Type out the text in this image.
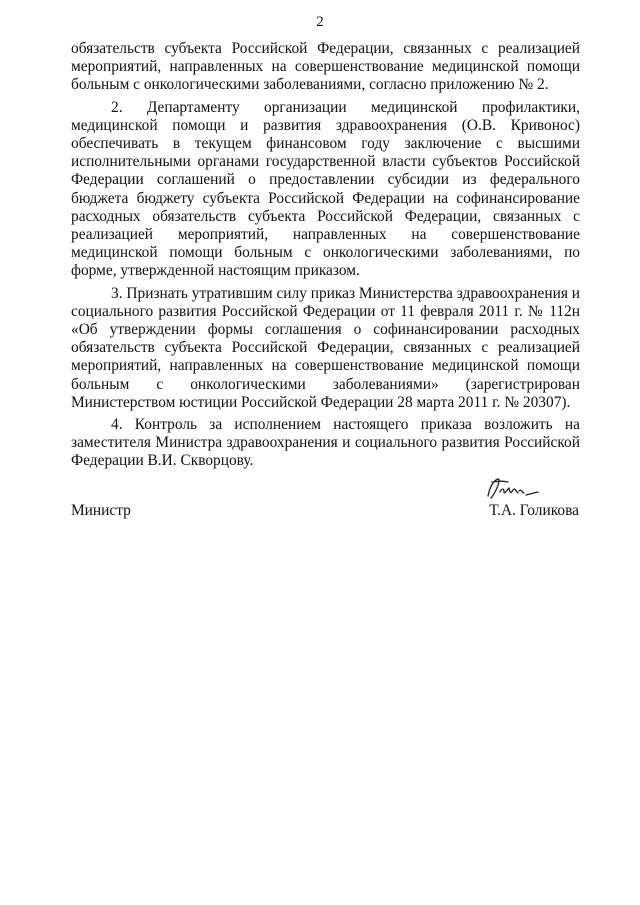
2

обязательств субъекта Российской Федерации, связанных с реализацией мероприятий, направленных на совершенствование медицинской помощи больным с онкологическими заболеваниями, согласно приложению № 2.

2. Департаменту организации медицинской профилактики, медицинской помощи и развития здравоохранения (О.В. Кривонос) обеспечивать в текущем финансовом году заключение с высшими исполнительными органами государственной власти субъектов Российской Федерации соглашений о предоставлении субсидии из федерального бюджета бюджету субъекта Российской Федерации на софинансирование расходных обязательств субъекта Российской Федерации, связанных с реализацией мероприятий, направленных на совершенствование медицинской помощи больным с онкологическими заболеваниями, по форме, утвержденной настоящим приказом.

3. Признать утратившим силу приказ Министерства здравоохранения и социального развития Российской Федерации от 11 февраля 2011 г. № 112н «Об утверждении формы соглашения о софинансировании расходных обязательств субъекта Российской Федерации, связанных с реализацией мероприятий, направленных на совершенствование медицинской помощи больным с онкологическими заболеваниями» (зарегистрирован Министерством юстиции Российской Федерации 28 марта 2011 г. № 20307).

4. Контроль за исполнением настоящего приказа возложить на заместителя Министра здравоохранения и социального развития Российской Федерации В.И. Скворцову.

Министр	Т.А. Голикова
